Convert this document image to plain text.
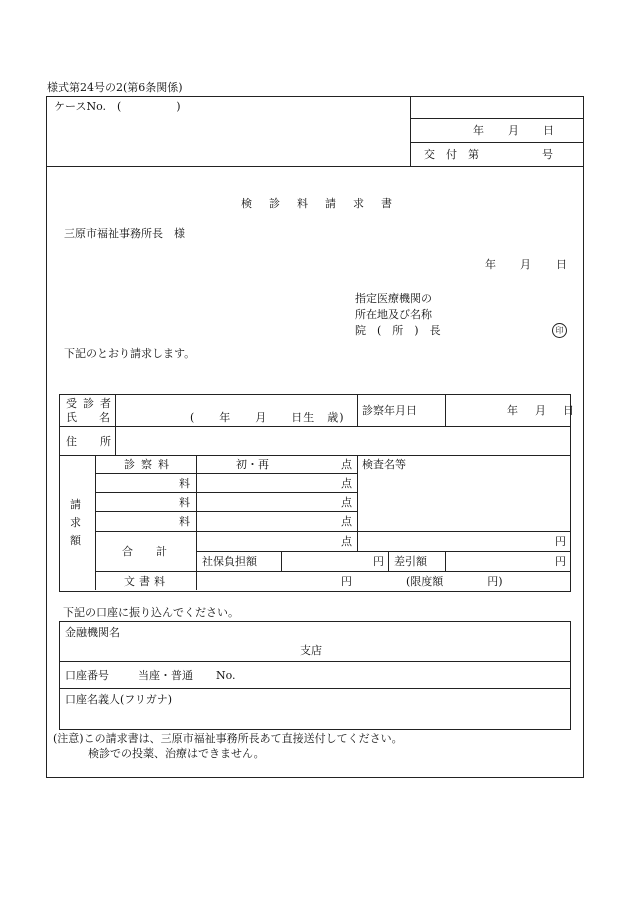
様式第24号の2(第6条関係)
ケースNo.　(　　　　　)
年 月 日
交　付　第	号
検診料請求書
三原市福祉事務所長　様
年 月 日
指定医療機関の
所在地及び名称
院　(　所　)　長	印
下記のとおり請求します。
受診者
氏　　名	(　　年　　月　　日生　歳)
診察年月日	年　月　日
住　所
請
求
額
診察料	初・再	点 検査名等
料	点
料	点
料	点
合　計
点	円
社保負担額	円 差引額	円
文書料	円	(限度額　　　　円)
下記の口座に振り込んでください。
金融機関名
支店
口座番号	当座・普通 No.
口座名義人(フリガナ)
(注意)この請求書は、三原市福祉事務所長あて直接送付してください。
検診での投薬、治療はできません。
